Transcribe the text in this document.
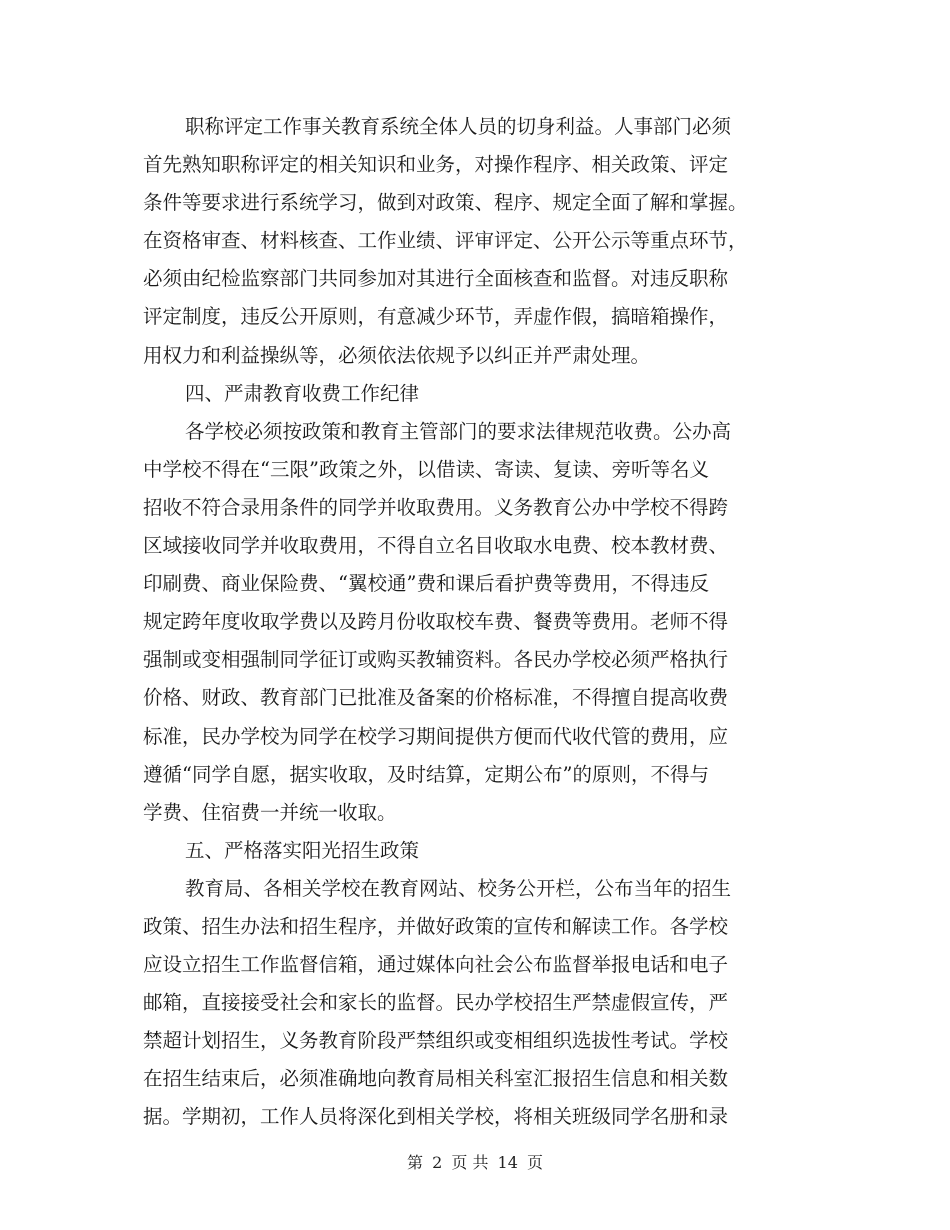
职称评定工作事关教育系统全体人员的切身利益。人事部门必须
首先熟知职称评定的相关知识和业务，对操作程序、相关政策、评定
条件等要求进行系统学习，做到对政策、程序、规定全面了解和掌握。
在资格审查、材料核查、工作业绩、评审评定、公开公示等重点环节，
必须由纪检监察部门共同参加对其进行全面核查和监督。对违反职称
评定制度，违反公开原则，有意减少环节，弄虚作假，搞暗箱操作，
用权力和利益操纵等，必须依法依规予以纠正并严肃处理。
四、严肃教育收费工作纪律
各学校必须按政策和教育主管部门的要求法律规范收费。公办高
中学校不得在“三限”政策之外，以借读、寄读、复读、旁听等名义
招收不符合录用条件的同学并收取费用。义务教育公办中学校不得跨
区域接收同学并收取费用，不得自立名目收取水电费、校本教材费、
印刷费、商业保险费、“翼校通”费和课后看护费等费用，不得违反
规定跨年度收取学费以及跨月份收取校车费、餐费等费用。老师不得
强制或变相强制同学征订或购买教辅资料。各民办学校必须严格执行
价格、财政、教育部门已批准及备案的价格标准，不得擅自提高收费
标准，民办学校为同学在校学习期间提供方便而代收代管的费用，应
遵循“同学自愿，据实收取，及时结算，定期公布”的原则，不得与
学费、住宿费一并统一收取。
五、严格落实阳光招生政策
教育局、各相关学校在教育网站、校务公开栏，公布当年的招生
政策、招生办法和招生程序，并做好政策的宣传和解读工作。各学校
应设立招生工作监督信箱，通过媒体向社会公布监督举报电话和电子
邮箱，直接接受社会和家长的监督。民办学校招生严禁虚假宣传，严
禁超计划招生，义务教育阶段严禁组织或变相组织选拔性考试。学校
在招生结束后，必须准确地向教育局相关科室汇报招生信息和相关数
据。学期初，工作人员将深化到相关学校，将相关班级同学名册和录
第 2 页 共 14 页
